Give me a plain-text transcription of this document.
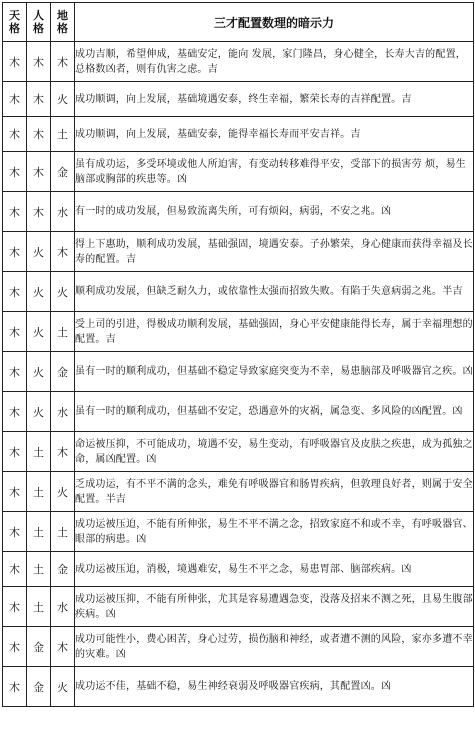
天格	人格	地格	三才配置数理的暗示力

木	木	木	成功吉顺，希望伸成，基础安定，能向 发展，家门隆昌，身心健全，长寿大吉的配置，总格数凶者，则有仇害之虑。吉

木	木	火	成功顺调，向上发展，基础境遇安泰，终生幸福，繁荣长寿的吉祥配置。吉

木	木	土	成功顺调，向上发展，基础安泰，能得幸福长寿而平安吉祥。吉

木	木	金	虽有成功运，多受环境或他人所迫害，有变动转移难得平安，受部下的损害劳 烦，易生脑部或胸部的疾患等。凶

木	木	水	有一时的成功发展，但易致流离失所，可有烦闷，病弱，不安之兆。凶

木	火	木	得上下惠助，顺利成功发展，基础强固，境遇安泰。子孙繁荣，身心健康而获得幸福及长寿的配置。吉

木	火	火	顺利成功发展，但缺乏耐久力，或依靠性太强而招致失败。有陷于失意病弱之兆。半吉

木	火	土	受上司的引进，得极成功顺利发展，基础强固，身心平安健康能得长寿，属于幸福理想的配置。吉

木	火	金	虽有一时的顺利成功，但基础不稳定导致家庭突变为不幸，易患脑部及呼吸器官之疾。凶

木	火	水	虽有一时的顺利成功，但基础不安定，恐遇意外的灾祸，属急变、多风险的凶配置。凶

木	土	木	命运被压抑，不可能成功，境遇不安，易生变动，有呼吸器官及皮肤之疾患，成为孤独之命，属凶配置。凶

木	土	火	乏成功运，有不平不满的念头，难免有呼吸器官和肠胃疾病，但敦理良好者，则属于安全配置。半吉

木	土	土	成功运被压迫，不能有所伸张，易生不平不满之念，招致家庭不和或不幸，有呼吸器官、眼部的病患。凶

木	土	金	成功运被压迫，消极，境遇难安，易生不平之念，易患胃部、脑部疾病。凶

木	土	水	成功运被压抑，不能有所伸张，尤其是容易遭遇急变，没落及招来不测之死，且易生腹部疾病。凶

木	金	木	成功可能性小，费心困苦，身心过劳，损伤脑和神经，或者遭不测的风险，家亦多遭不幸的灾难。凶

木	金	火	成功运不佳，基础不稳，易生神经衰弱及呼吸器官疾病，其配置凶。凶
